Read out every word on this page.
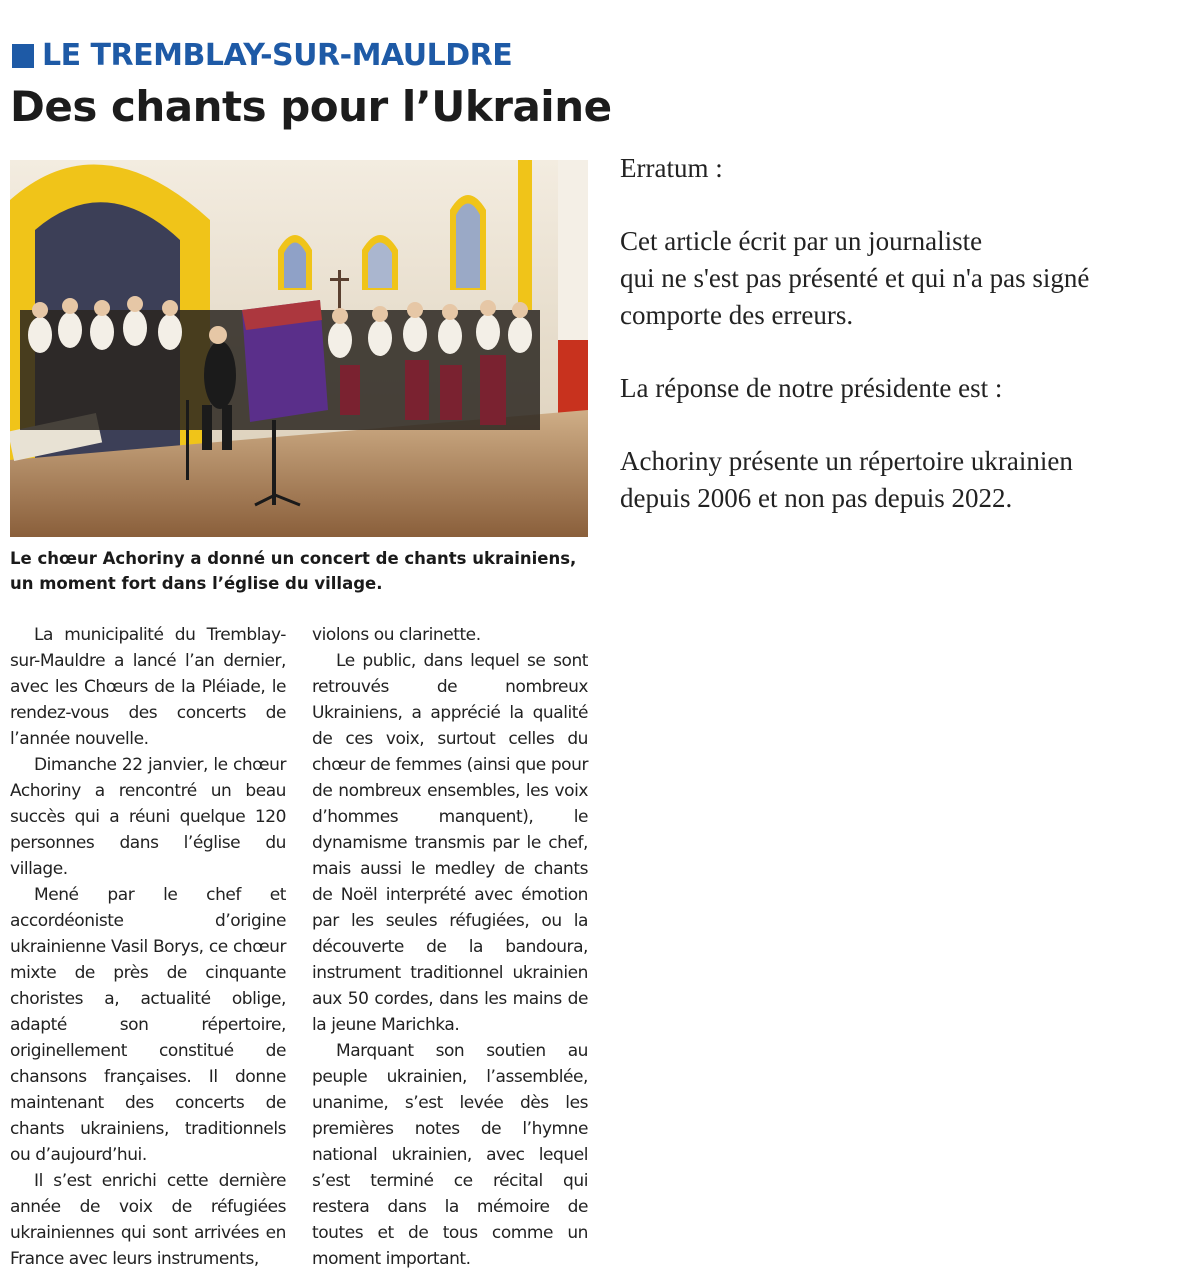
LE TREMBLAY-SUR-MAULDRE
Des chants pour l’Ukraine
Le chœur Achoriny a donné un concert de chants ukrainiens,
un moment fort dans l’église du village.

La municipalité du Tremblay-sur-Mauldre a lancé l’an dernier, avec les Chœurs de la Pléiade, le rendez-vous des concerts de l’année nouvelle.

Dimanche 22 janvier, le chœur Achoriny a rencontré un beau succès qui a réuni quelque 120 personnes dans l’église du village.

Mené par le chef et accordéoniste d’origine ukrainienne Vasil Borys, ce chœur mixte de près de cinquante choristes a, actualité oblige, adapté son répertoire, originellement constitué de chansons françaises. Il donne maintenant des concerts de chants ukrainiens, traditionnels ou d’aujourd’hui.

Il s’est enrichi cette dernière année de voix de réfugiées ukrainiennes qui sont arrivées en France avec leurs instruments,

violons ou clarinette.

Le public, dans lequel se sont retrouvés de nombreux Ukrainiens, a apprécié la qualité de ces voix, surtout celles du chœur de femmes (ainsi que pour de nombreux ensembles, les voix d’hommes manquent), le dynamisme transmis par le chef, mais aussi le medley de chants de Noël interprété avec émotion par les seules réfugiées, ou la découverte de la bandoura, instrument traditionnel ukrainien aux 50 cordes, dans les mains de la jeune Marichka.

Marquant son soutien au peuple ukrainien, l’assemblée, unanime, s’est levée dès les premières notes de l’hymne national ukrainien, avec lequel s’est terminé ce récital qui restera dans la mémoire de toutes et de tous comme un moment important.

Erratum :

Cet article écrit par un journaliste
qui ne s'est pas présenté et qui n'a pas signé
comporte des erreurs.

La réponse de notre présidente est :

Achoriny présente un répertoire ukrainien
depuis 2006 et non pas depuis 2022.
